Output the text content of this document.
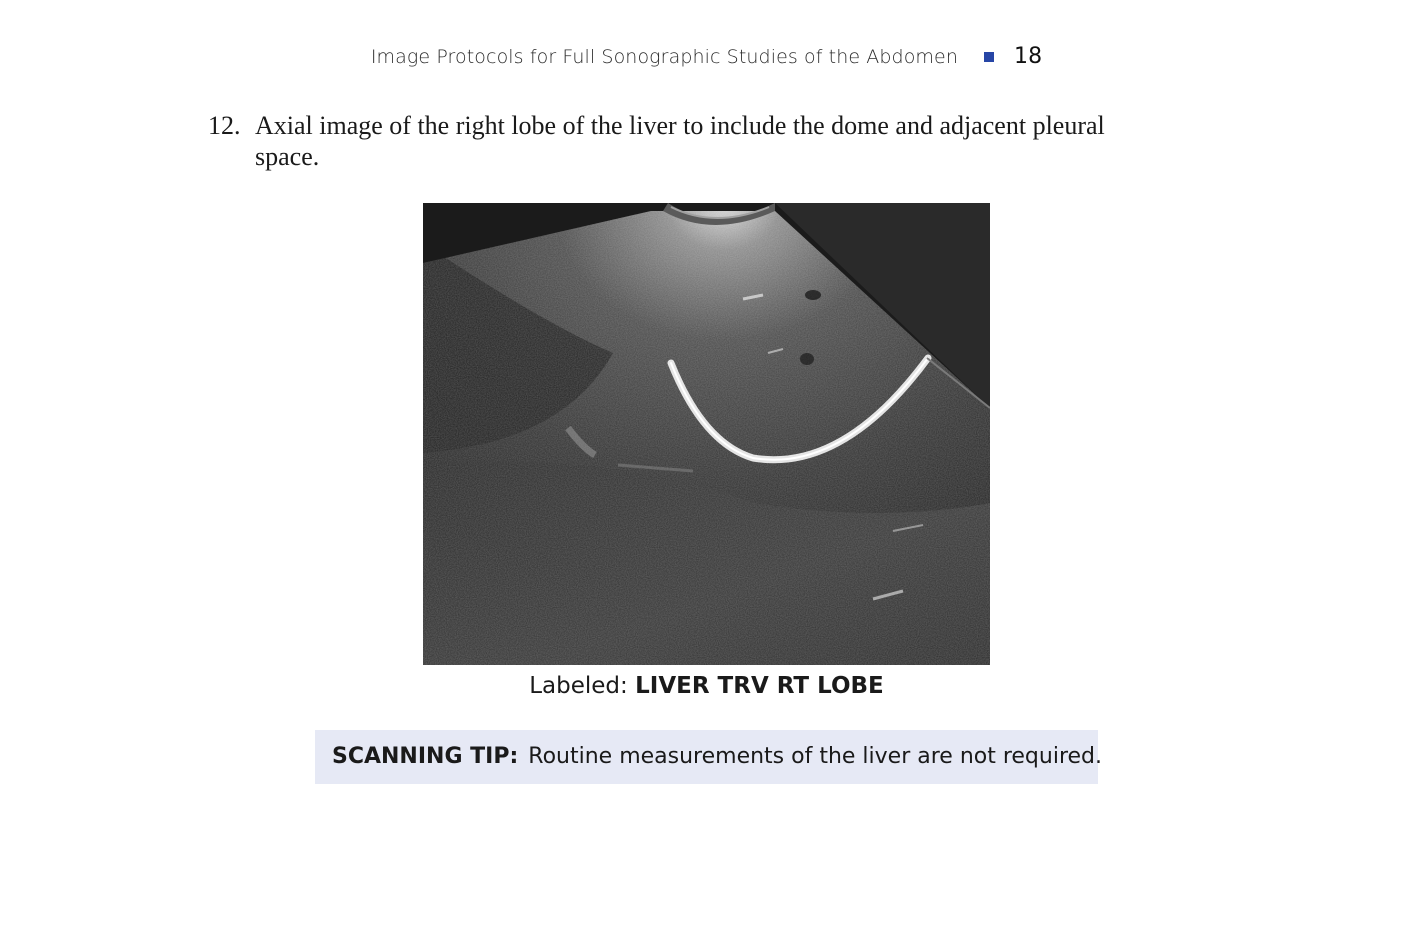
Image Protocols for Full Sonographic Studies of the Abdomen	18
12. Axial image of the right lobe of the liver to include the dome and adjacent pleural space.
Labeled: LIVER TRV RT LOBE
SCANNING TIP: Routine measurements of the liver are not required.
